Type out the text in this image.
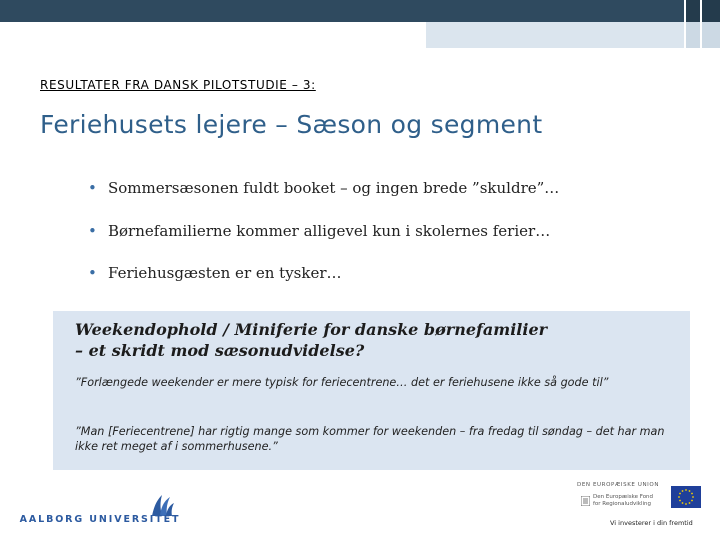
RESULTATER FRA DANSK PILOTSTUDIE – 3:
Feriehusets lejere – Sæson og segment
• Sommersæsonen fuldt booket – og ingen brede ”skuldre”…
• Børnefamilierne kommer alligevel kun i skolernes ferier…
• Feriehusgæsten er en tysker…
Weekendophold / Miniferie for danske børnefamilier
– et skridt mod sæsonudvidelse?
”Forlængede weekender er mere typisk for feriecentrene… det er feriehusene ikke så gode til”
”Man [Feriecentrene] har rigtig mange som kommer for weekenden – fra fredag til søndag – det har man ikke ret meget af i sommerhusene.”
AALBORG UNIVERSITET
DEN EUROPÆISKE UNION
Den Europæiske Fond
for Regionaludvikling
Vi investerer i din fremtid
